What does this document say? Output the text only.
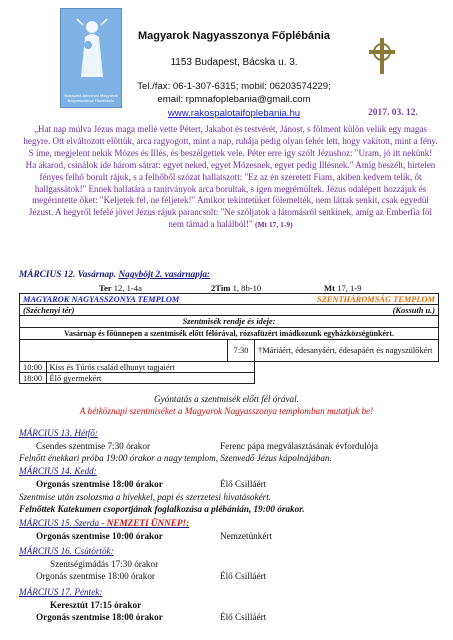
Budapest-Belvárosi Magyarok Nagyasszonya Főplébánia
Magyarok Nagyasszonya Főplébánia
1153 Budapest, Bácska u. 3.
Tel./fax: 06-1-307-6315; mobil: 06203574229;
email: rpmnafoplebania@gmail.com
www.rakospalotaifoplebania.hu	2017. 03. 12.
„Hat nap múlva Jézus maga mellé vette Pétert, Jakabot és testvérét, Jánost, s fölment külön velük egy magas hegyre. Ott elváltozott előttük, arca ragyogott, mint a nap, ruhája pedig olyan fehér lett, hogy vakított, mint a fény. S íme, megjelent nekik Mózes és Illés, és beszélgettek vele. Péter erre így szólt Jézushoz: "Uram, jó itt nekünk! Ha akarod, csinálok ide három sátrat: egyet neked, egyet Mózesnek, egyet pedig Illésnek." Amíg beszélt, hirtelen fényes felhő borult rájuk, s a felhőből szózat hallatszott: "Ez az én szeretett Fiam, akiben kedvem telik, őt hallgassátok!" Ennek hallatára a tanítványok arca borultak, s igen megrémültek. Jézus odalépett hozzájuk és megérintette őket: "Keljetek fel, ne féljetek!" Amikor tekintetüket fölemelték, nem láttak senkit, csak egyedül Jézust. A hegyről lefelé jövet Jézus rájuk parancsolt: "Ne szóljatok a látomásról senkinek, amíg az Emberfia föl nem támad a halálból!" (Mt 17, 1-9)
MÁRCIUS 12. Vasárnap. Nagyböjt 2. vasárnapja:
Ter 12, 1-4a	2Tim 1, 8b-10	Mt 17, 1-9
MAGYAROK NAGYASSZONYA TEMPLOM		SZENTHÁROMSÁG TEMPLOM	
(Széchenyi tér)		(Kossuth u.)	
Szentmisék rendje és ideje:			
Vasárnap és főünnepen a szentmisék előtt félórával, rózsafüzért imádkozunk egyházközségünkért.			
		7:30	†Máriáért, édesanyáért, édesapáért és nagyszülőkért
10:00	Kiss és Túrós család elhunyt tagjaiért		
18:00	Élő gyermekért		
Gyóntatás a szentmisék előtt fél órával.
A hétköznapi szentmiséket a Magyarok Nagyasszonya templomban mutatjuk be!
MÁRCIUS 13. Hétfő:
Csendes szentmise 7:30 órakor	Ferenc pápa megválasztásának évfordulója
Felnőtt énekkari próba 19:00 órakor a nagy templom, Szenvedő Jézus kápolnájában.
MÁRCIUS 14. Kedd:
Orgonás szentmise 18:00 órakor	Élő Csilláért
Szentmise után zsolozsma a hívekkel, papi és szerzetesi hivatásokért.
Felnőttek Katekumen csoportjának foglalkozása a plébánián, 19:00 órakor.
MÁRCIUS 15. Szerda - NEMZETI ÜNNEP!:
Orgonás szentmise 10:00 órakor	Nemzetünkért
MÁRCIUS 16. Csütörtök:
Szentségimádás 17:30 órakor
Orgonás szentmise 18:00 órakor	Élő Csilláért
MÁRCIUS 17. Péntek:
Keresztút 17:15 órakor
Orgonás szentmise 18:00 órakor	Élő Csilláért
